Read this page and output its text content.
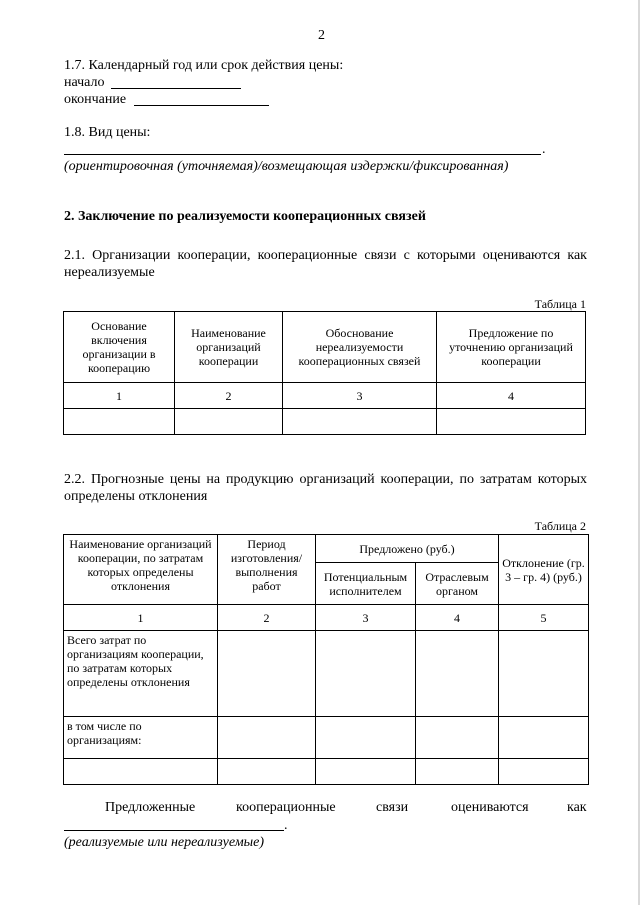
2
1.7. Календарный год или срок действия цены:
начало
окончание
1.8. Вид цены:
.
(ориентировочная (уточняемая)/возмещающая издержки/фиксированная)
2. Заключение по реализуемости кооперационных связей
2.1. Организации кооперации, кооперационные связи с которыми оцениваются как нереализуемые
Таблица 1
Основание включения организации в кооперацию	Наименование организаций кооперации	Обоснование нереализуемости кооперационных связей	Предложение по уточнению организаций кооперации
1	2	3	4

2.2. Прогнозные цены на продукцию организаций кооперации, по затратам которых определены отклонения
Таблица 2
Наименование организаций кооперации, по затратам которых определены отклонения	Период изготовления/ выполнения работ	Предложено (руб.)		Отклонение (гр. 3 – гр. 4) (руб.)
		Потенциальным исполнителем	Отраслевым органом	
1	2	3	4	5
Всего затрат по организациям кооперации, по затратам которых определены отклонения				
в том числе по организациям:				

Предложенные	кооперационные	связи	оцениваются	как
.
(реализуемые или нереализуемые)
